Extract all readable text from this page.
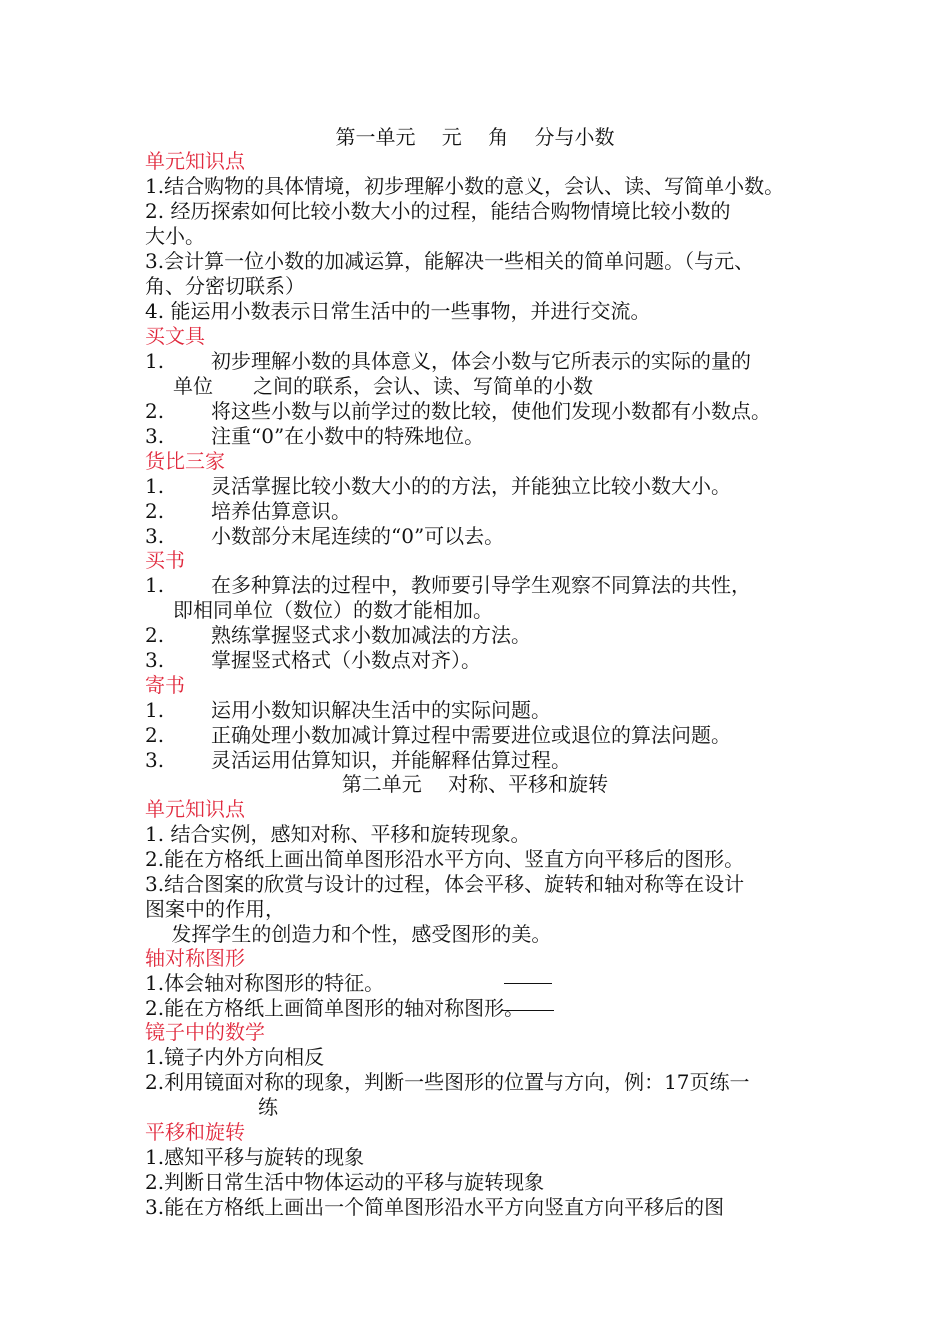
第一单元　 元　 角　 分与小数
单元知识点
1.结合购物的具体情境，初步理解小数的意义，会认、读、写简单小数。
2. 经历探索如何比较小数大小的过程，能结合购物情境比较小数的
大小。
3.会计算一位小数的加减运算，能解决一些相关的简单问题。（与元、
角、分密切联系）
4. 能运用小数表示日常生活中的一些事物，并进行交流。
买文具
1. 初步理解小数的具体意义，体会小数与它所表示的实际的量的
单位　　之间的联系，会认、读、写简单的小数
2. 将这些小数与以前学过的数比较，使他们发现小数都有小数点。
3. 注重“0”在小数中的特殊地位。
货比三家
1. 灵活掌握比较小数大小的的方法，并能独立比较小数大小。
2. 培养估算意识。
3. 小数部分末尾连续的“0”可以去。
买书
1. 在多种算法的过程中，教师要引导学生观察不同算法的共性，
即相同单位（数位）的数才能相加。
2. 熟练掌握竖式求小数加减法的方法。
3. 掌握竖式格式（小数点对齐）。
寄书
1. 运用小数知识解决生活中的实际问题。
2. 正确处理小数加减计算过程中需要进位或退位的算法问题。
3. 灵活运用估算知识，并能解释估算过程。
第二单元　 对称、平移和旋转
单元知识点
1. 结合实例，感知对称、平移和旋转现象。
2.能在方格纸上画出简单图形沿水平方向、竖直方向平移后的图形。
3.结合图案的欣赏与设计的过程，体会平移、旋转和轴对称等在设计
图案中的作用，
　 发挥学生的创造力和个性，感受图形的美。
轴对称图形
1.体会轴对称图形的特征。
2.能在方格纸上画简单图形的轴对称图形。
镜子中的数学
1.镜子内外方向相反
2.利用镜面对称的现象，判断一些图形的位置与方向，例：17页练一
练
平移和旋转
1.感知平移与旋转的现象
2.判断日常生活中物体运动的平移与旋转现象
3.能在方格纸上画出一个简单图形沿水平方向竖直方向平移后的图
